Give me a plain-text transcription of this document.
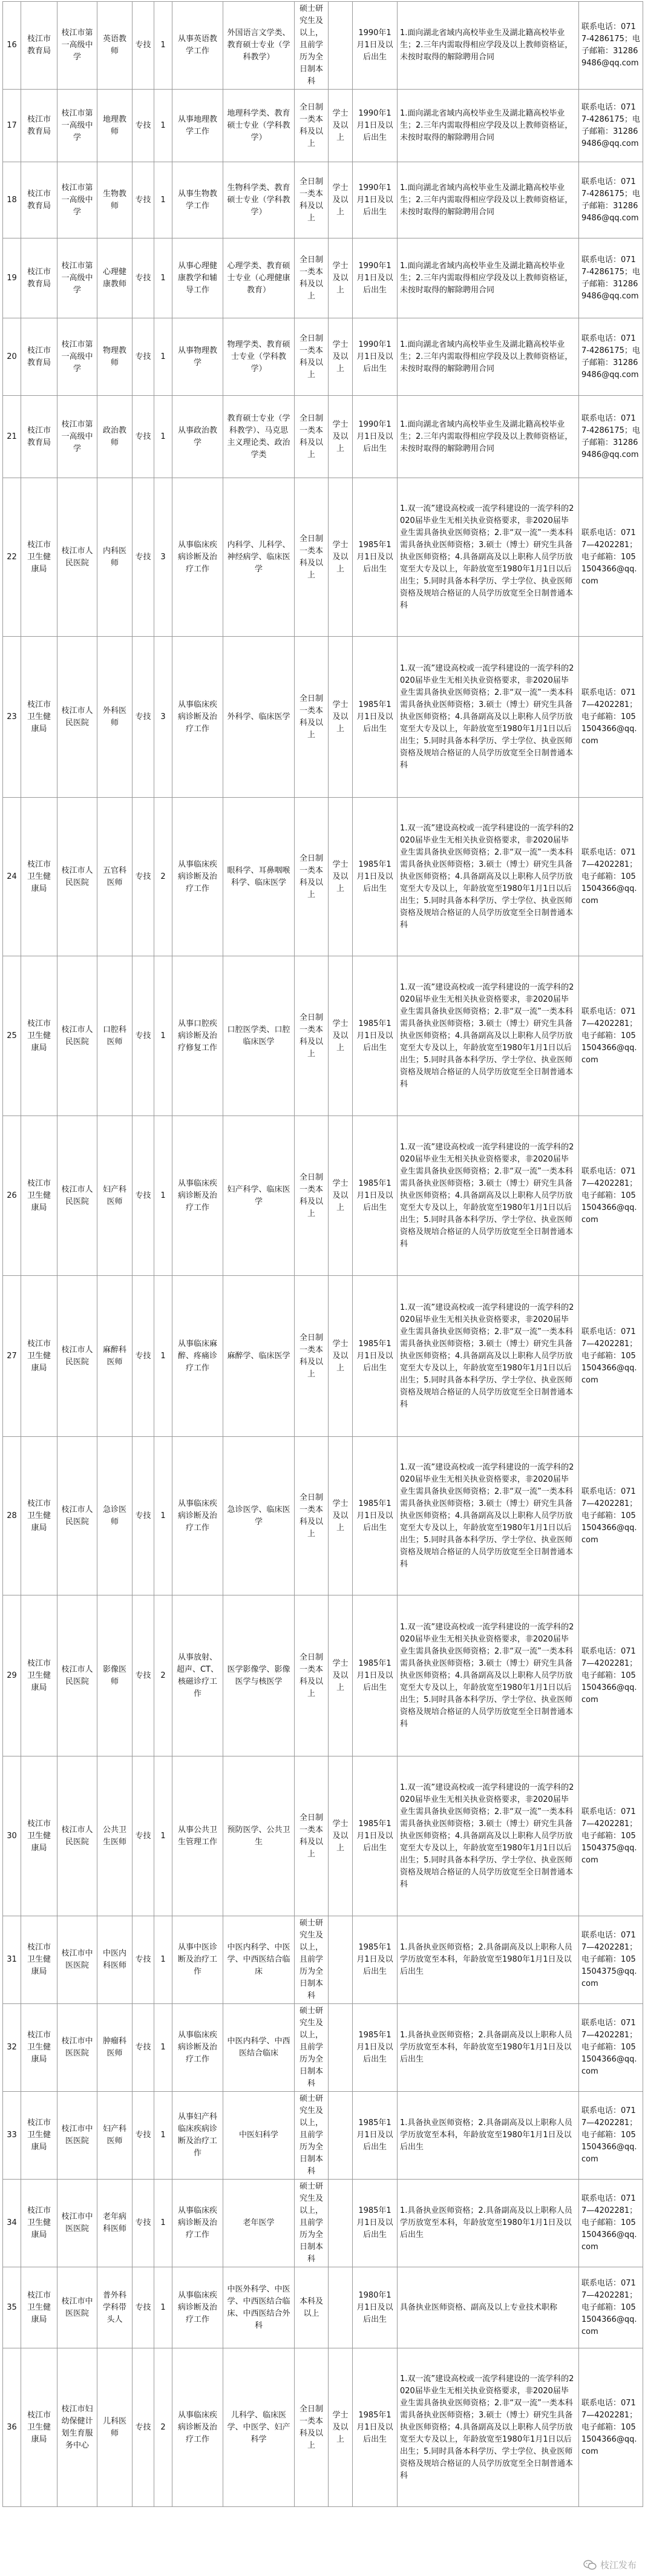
16	枝江市教育局	枝江市第一高级中学	英语教师	专技	1	从事英语教学工作	外国语言文学类、教育硕士专业（学科教学）	硕士研究生及以上，且前学历为全日制本科		1990年1月1日及以后出生	1.面向湖北省域内高校毕业生及湖北籍高校毕业生；2.三年内需取得相应学段及以上教师资格证，未按时取得的解除聘用合同	联系电话：0717-4286175；电子邮箱：312869486@qq.com
17	枝江市教育局	枝江市第一高级中学	地理教师	专技	1	从事地理教学工作	地理科学类、教育硕士专业（学科教学）	全日制一类本科及以上	学士及以上	1990年1月1日及以后出生	1.面向湖北省域内高校毕业生及湖北籍高校毕业生；2.三年内需取得相应学段及以上教师资格证，未按时取得的解除聘用合同	联系电话：0717-4286175；电子邮箱：312869486@qq.com
18	枝江市教育局	枝江市第一高级中学	生物教师	专技	1	从事生物教学工作	生物科学类、教育硕士专业（学科教学）	全日制一类本科及以上	学士及以上	1990年1月1日及以后出生	1.面向湖北省域内高校毕业生及湖北籍高校毕业生；2.三年内需取得相应学段及以上教师资格证，未按时取得的解除聘用合同	联系电话：0717-4286175；电子邮箱：312869486@qq.com
19	枝江市教育局	枝江市第一高级中学	心理健康教师	专技	1	从事心理健康教学和辅导工作	心理学类、教育硕士专业（心理健康教育）	全日制一类本科及以上	学士及以上	1990年1月1日及以后出生	1.面向湖北省域内高校毕业生及湖北籍高校毕业生；2.三年内需取得相应学段及以上教师资格证，未按时取得的解除聘用合同	联系电话：0717-4286175；电子邮箱：312869486@qq.com
20	枝江市教育局	枝江市第一高级中学	物理教师	专技	1	从事物理教学	物理学类、教育硕士专业（学科教学）	全日制一类本科及以上	学士及以上	1990年1月1日及以后出生	1.面向湖北省域内高校毕业生及湖北籍高校毕业生；2.三年内需取得相应学段及以上教师资格证，未按时取得的解除聘用合同	联系电话：0717-4286175；电子邮箱：312869486@qq.com
21	枝江市教育局	枝江市第一高级中学	政治教师	专技	1	从事政治教学	教育硕士专业（学科教学）、马克思主义理论类、政治学类	全日制一类本科及以上	学士及以上	1990年1月1日及以后出生	1.面向湖北省域内高校毕业生及湖北籍高校毕业生；2.三年内需取得相应学段及以上教师资格证，未按时取得的解除聘用合同	联系电话：0717-4286175；电子邮箱：312869486@qq.com
22	枝江市卫生健康局	枝江市人民医院	内科医师	专技	3	从事临床疾病诊断及治疗工作	内科学、儿科学、神经病学、临床医学	全日制一类本科及以上	学士及以上	1985年1月1日及以后出生	1.双一流”建设高校或一流学科建设的一流学科的2020届毕业生无相关执业资格要求，非2020届毕业生需具备执业医师资格；2.非“双一流”一类本科需具备执业医师资格；3.硕士（博士）研究生具备执业医师资格；4.具备副高及以上职称人员学历放宽至大专及以上，年龄放宽至1980年1月1日以后出生；5.同时具备本科学历、学士学位、执业医师资格及规培合格证的人员学历放宽至全日制普通本科	联系电话：0717—4202281；电子邮箱：1051504366@qq.com
23	枝江市卫生健康局	枝江市人民医院	外科医师	专技	3	从事临床疾病诊断及治疗工作	外科学、临床医学	全日制一类本科及以上	学士及以上	1985年1月1日及以后出生	1.双一流”建设高校或一流学科建设的一流学科的2020届毕业生无相关执业资格要求，非2020届毕业生需具备执业医师资格；2.非“双一流”一类本科需具备执业医师资格；3.硕士（博士）研究生具备执业医师资格；4.具备副高及以上职称人员学历放宽至大专及以上，年龄放宽至1980年1月1日以后出生；5.同时具备本科学历、学士学位、执业医师资格及规培合格证的人员学历放宽至全日制普通本科	联系电话：0717—4202281；电子邮箱：1051504366@qq.com
24	枝江市卫生健康局	枝江市人民医院	五官科医师	专技	2	从事临床疾病诊断及治疗工作	眼科学、耳鼻咽喉科学、临床医学	全日制一类本科及以上	学士及以上	1985年1月1日及以后出生	1.双一流”建设高校或一流学科建设的一流学科的2020届毕业生无相关执业资格要求，非2020届毕业生需具备执业医师资格；2.非“双一流”一类本科需具备执业医师资格；3.硕士（博士）研究生具备执业医师资格；4.具备副高及以上职称人员学历放宽至大专及以上，年龄放宽至1980年1月1日以后出生；5.同时具备本科学历、学士学位、执业医师资格及规培合格证的人员学历放宽至全日制普通本科	联系电话：0717—4202281；电子邮箱：1051504366@qq.com
25	枝江市卫生健康局	枝江市人民医院	口腔科医师	专技	1	从事口腔疾病诊断及治疗修复工作	口腔医学类、口腔临床医学	全日制一类本科及以上	学士及以上	1985年1月1日及以后出生	1.双一流”建设高校或一流学科建设的一流学科的2020届毕业生无相关执业资格要求，非2020届毕业生需具备执业医师资格；2.非“双一流”一类本科需具备执业医师资格；3.硕士（博士）研究生具备执业医师资格；4.具备副高及以上职称人员学历放宽至大专及以上，年龄放宽至1980年1月1日以后出生；5.同时具备本科学历、学士学位、执业医师资格及规培合格证的人员学历放宽至全日制普通本科	联系电话：0717—4202281；电子邮箱：1051504366@qq.com
26	枝江市卫生健康局	枝江市人民医院	妇产科医师	专技	1	从事临床疾病诊断及治疗工作	妇产科学、临床医学	全日制一类本科及以上	学士及以上	1985年1月1日及以后出生	1.双一流”建设高校或一流学科建设的一流学科的2020届毕业生无相关执业资格要求，非2020届毕业生需具备执业医师资格；2.非“双一流”一类本科需具备执业医师资格；3.硕士（博士）研究生具备执业医师资格；4.具备副高及以上职称人员学历放宽至大专及以上，年龄放宽至1980年1月1日以后出生；5.同时具备本科学历、学士学位、执业医师资格及规培合格证的人员学历放宽至全日制普通本科	联系电话：0717—4202281；电子邮箱：1051504366@qq.com
27	枝江市卫生健康局	枝江市人民医院	麻醉科医师	专技	1	从事临床麻醉、疼痛诊疗工作	麻醉学、临床医学	全日制一类本科及以上	学士及以上	1985年1月1日及以后出生	1.双一流”建设高校或一流学科建设的一流学科的2020届毕业生无相关执业资格要求，非2020届毕业生需具备执业医师资格；2.非“双一流”一类本科需具备执业医师资格；3.硕士（博士）研究生具备执业医师资格；4.具备副高及以上职称人员学历放宽至大专及以上，年龄放宽至1980年1月1日以后出生；5.同时具备本科学历、学士学位、执业医师资格及规培合格证的人员学历放宽至全日制普通本科	联系电话：0717—4202281；电子邮箱：1051504366@qq.com
28	枝江市卫生健康局	枝江市人民医院	急诊医师	专技	1	从事临床疾病诊断及治疗工作	急诊医学、临床医学	全日制一类本科及以上	学士及以上	1985年1月1日及以后出生	1.双一流”建设高校或一流学科建设的一流学科的2020届毕业生无相关执业资格要求，非2020届毕业生需具备执业医师资格；2.非“双一流”一类本科需具备执业医师资格；3.硕士（博士）研究生具备执业医师资格；4.具备副高及以上职称人员学历放宽至大专及以上，年龄放宽至1980年1月1日以后出生；5.同时具备本科学历、学士学位、执业医师资格及规培合格证的人员学历放宽至全日制普通本科	联系电话：0717—4202281；电子邮箱：1051504366@qq.com
29	枝江市卫生健康局	枝江市人民医院	影像医师	专技	2	从事放射、超声、CT、核磁诊疗工作	医学影像学、影像医学与核医学	全日制一类本科及以上	学士及以上	1985年1月1日及以后出生	1.双一流”建设高校或一流学科建设的一流学科的2020届毕业生无相关执业资格要求，非2020届毕业生需具备执业医师资格；2.非“双一流”一类本科需具备执业医师资格；3.硕士（博士）研究生具备执业医师资格；4.具备副高及以上职称人员学历放宽至大专及以上，年龄放宽至1980年1月1日以后出生；5.同时具备本科学历、学士学位、执业医师资格及规培合格证的人员学历放宽至全日制普通本科	联系电话：0717—4202281；电子邮箱：1051504366@qq.com
30	枝江市卫生健康局	枝江市人民医院	公共卫生医师	专技	1	从事公共卫生管理工作	预防医学、公共卫生	全日制一类本科及以上	学士及以上	1985年1月1日及以后出生	1.双一流”建设高校或一流学科建设的一流学科的2020届毕业生无相关执业资格要求，非2020届毕业生需具备执业医师资格；2.非“双一流”一类本科需具备执业医师资格；3.硕士（博士）研究生具备执业医师资格；4.具备副高及以上职称人员学历放宽至大专及以上，年龄放宽至1980年1月1日以后出生；5.同时具备本科学历、学士学位、执业医师资格及规培合格证的人员学历放宽至全日制普通本科	联系电话：0717—4202281；电子邮箱：1051504375@qq.com
31	枝江市卫生健康局	枝江市中医医院	中医内科医师	专技	1	从事中医诊断及治疗工作	中医内科学、中医学、中西医结合临床	硕士研究生及以上，且前学历为全日制本科		1985年1月1日及以后出生	1.具备执业医师资格；2.具备副高及以上职称人员学历放宽至本科，年龄放宽至1980年1月1日及以后出生	联系电话：0717—4202281；电子邮箱：1051504375@qq.com
32	枝江市卫生健康局	枝江市中医医院	肿瘤科医师	专技	1	从事临床疾病诊断及治疗工作	中医内科学、中西医结合临床	硕士研究生及以上，且前学历为全日制本科		1985年1月1日及以后出生	1.具备执业医师资格；2.具备副高及以上职称人员学历放宽至本科，年龄放宽至1980年1月1日及以后出生	联系电话：0717—4202281；电子邮箱：1051504366@qq.com
33	枝江市卫生健康局	枝江市中医医院	妇产科医师	专技	1	从事妇产科临床疾病诊断及治疗工作	中医妇科学	硕士研究生及以上，且前学历为全日制本科		1985年1月1日及以后出生	1.具备执业医师资格；2.具备副高及以上职称人员学历放宽至本科，年龄放宽至1980年1月1日及以后出生	联系电话：0717—4202281；电子邮箱：1051504366@qq.com
34	枝江市卫生健康局	枝江市中医医院	老年病科医师	专技	1	从事临床疾病诊断及治疗工作	老年医学	硕士研究生及以上，且前学历为全日制本科		1985年1月1日及以后出生	1.具备执业医师资格；2.具备副高及以上职称人员学历放宽至本科，年龄放宽至1980年1月1日及以后出生	联系电话：0717—4202281；电子邮箱：1051504366@qq.com
35	枝江市卫生健康局	枝江市中医医院	普外科学科带头人	专技	1	从事临床疾病诊断及治疗工作	中医外科学、中医学、中西医结合临床、中西医结合外科	本科及以上		1980年1月1日及以后出生	具备执业医师资格、副高及以上专业技术职称	联系电话：0717—4202281；电子邮箱：1051504366@qq.com
36	枝江市卫生健康局	枝江市妇幼保健计划生育服务中心	儿科医师	专技	2	从事临床疾病诊断及治疗工作	儿科学、临床医学、中医学、妇产科学	全日制一类本科及以上	学士及以上	1985年1月1日及以后出生	1.双一流”建设高校或一流学科建设的一流学科的2020届毕业生无相关执业资格要求，非2020届毕业生需具备执业医师资格；2.非“双一流”一类本科需具备执业医师资格；3.硕士（博士）研究生具备执业医师资格；4.具备副高及以上职称人员学历放宽至大专及以上，年龄放宽至1980年1月1日以后出生；5.同时具备本科学历、学士学位、执业医师资格及规培合格证的人员学历放宽至全日制普通本科	联系电话：0717—4202281；电子邮箱：1051504366@qq.com
枝江发布
